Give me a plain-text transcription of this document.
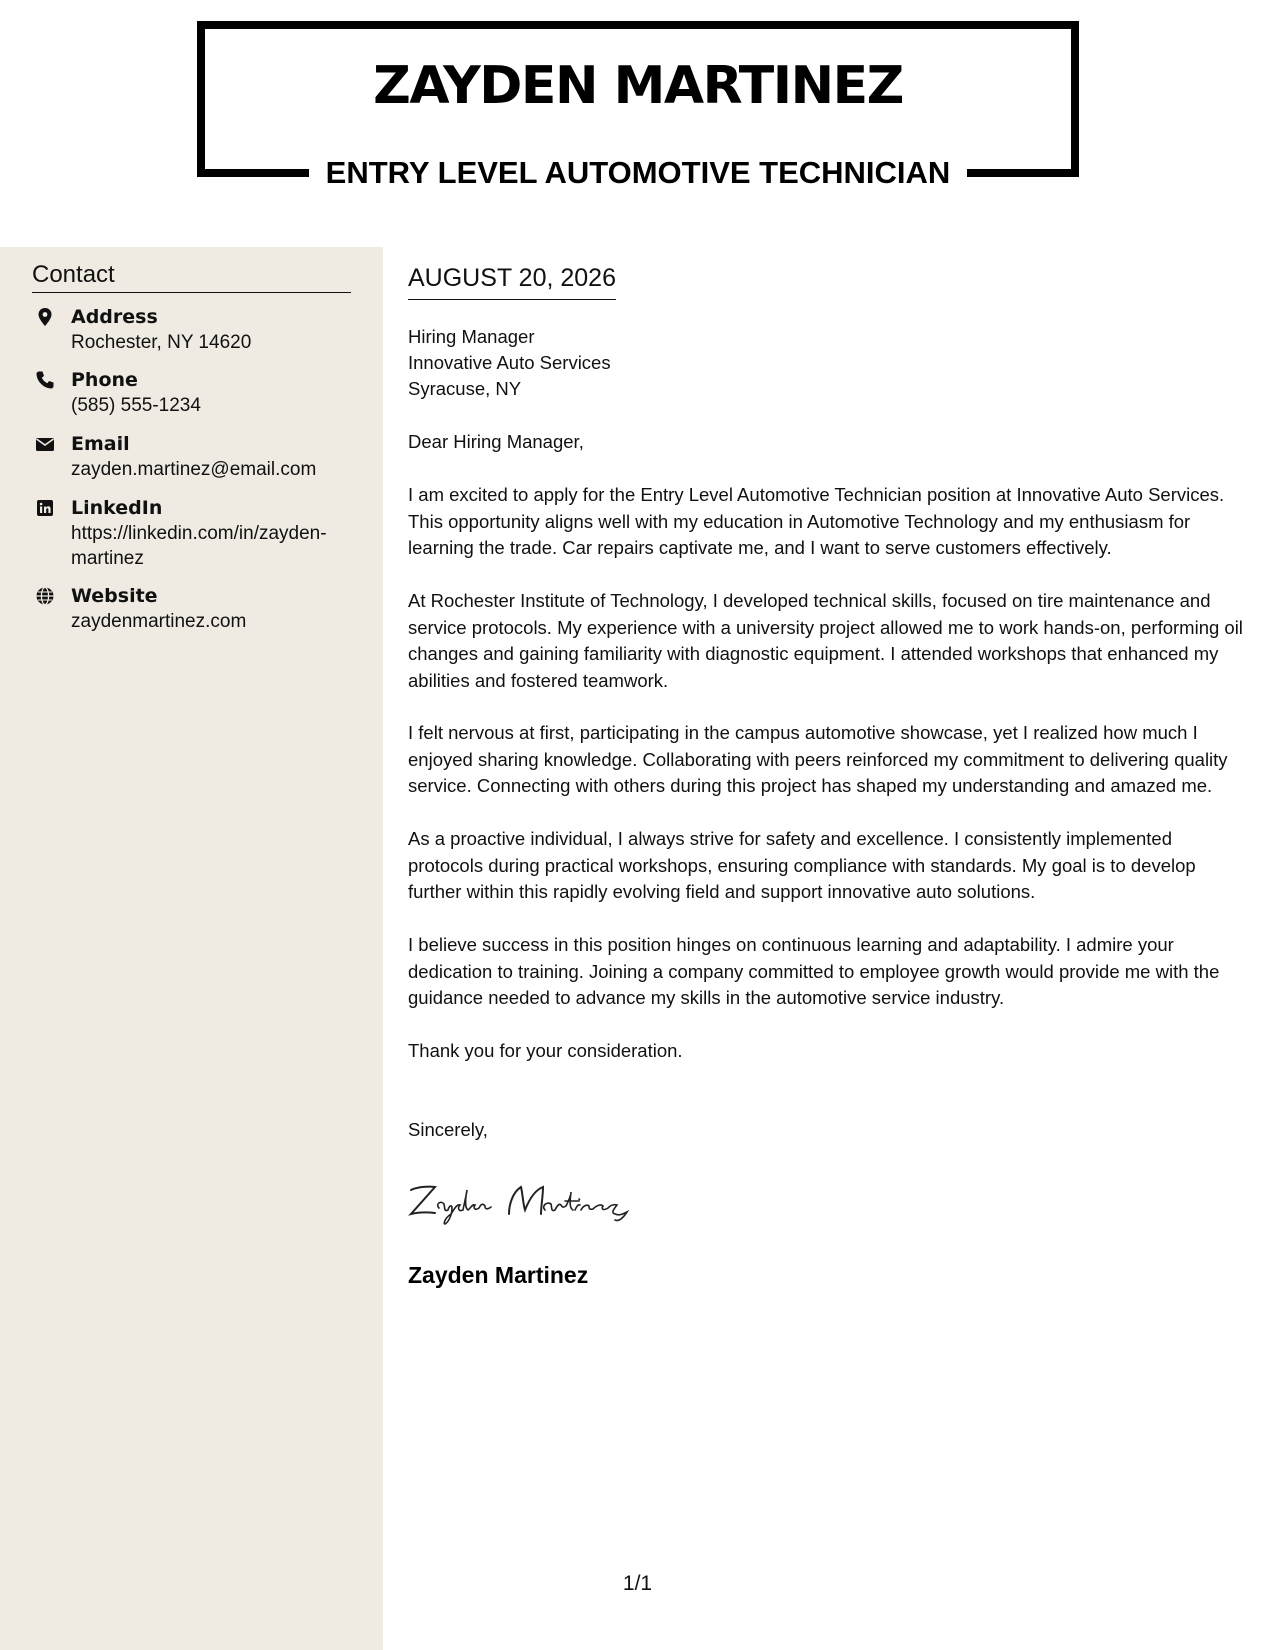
ZAYDEN MARTINEZ
ENTRY LEVEL AUTOMOTIVE TECHNICIAN
Contact
Address
Rochester, NY 14620
Phone
(585) 555-1234
Email
zayden.martinez@email.com
LinkedIn
https://linkedin.com/in/zayden-martinez
Website
zaydenmartinez.com
AUGUST 20, 2026
Hiring Manager
Innovative Auto Services
Syracuse, NY

Dear Hiring Manager,

I am excited to apply for the Entry Level Automotive Technician position at Innovative Auto Services. This opportunity aligns well with my education in Automotive Technology and my enthusiasm for learning the trade. Car repairs captivate me, and I want to serve customers effectively.

At Rochester Institute of Technology, I developed technical skills, focused on tire maintenance and service protocols. My experience with a university project allowed me to work hands-on, performing oil changes and gaining familiarity with diagnostic equipment. I attended workshops that enhanced my abilities and fostered teamwork.

I felt nervous at first, participating in the campus automotive showcase, yet I realized how much I enjoyed sharing knowledge. Collaborating with peers reinforced my commitment to delivering quality service. Connecting with others during this project has shaped my understanding and amazed me.

As a proactive individual, I always strive for safety and excellence. I consistently implemented protocols during practical workshops, ensuring compliance with standards. My goal is to develop further within this rapidly evolving field and support innovative auto solutions.

I believe success in this position hinges on continuous learning and adaptability. I admire your dedication to training. Joining a company committed to employee growth would provide me with the guidance needed to advance my skills in the automotive service industry.

Thank you for your consideration.

Sincerely,

Zayden Martinez
1/1
